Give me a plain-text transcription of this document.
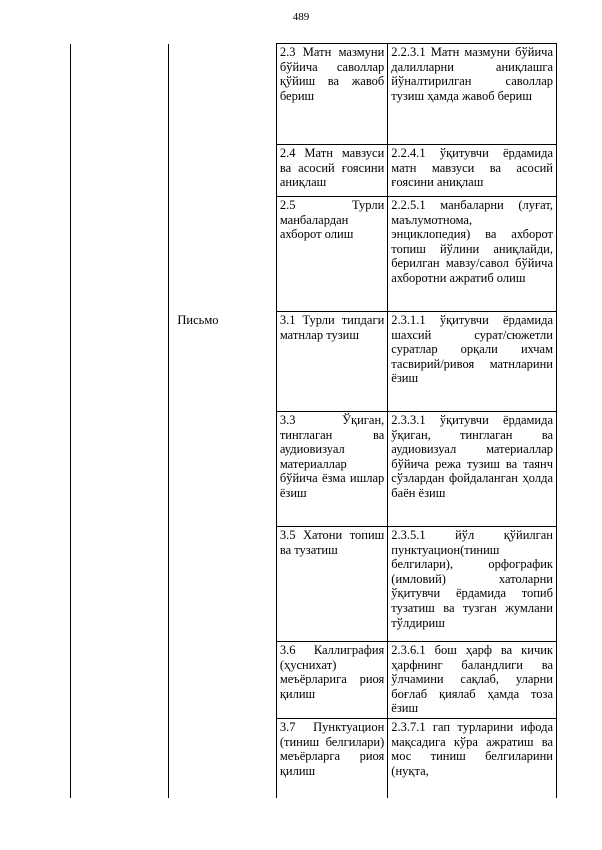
489
		2.3 Матн мазмуни бўйича саволлар қўйиш ва жавоб бериш	2.2.3.1 Матн мазмуни бўйича далилларни аниқлашга йўналтирилган саволлар тузиш ҳамда жавоб бериш
		2.4 Матн мавзуси ва асосий ғоясини аниқлаш	2.2.4.1 ўқитувчи ёрдамида матн мавзуси ва асосий ғоясини аниқлаш
		2.5 Турли манбалардан ахборот олиш	2.2.5.1 манбаларни (луғат, маълумотнома, энциклопедия) ва ахборот топиш йўлини аниқлайди, берилган мавзу/савол бўйича ахборотни ажратиб олиш
	Письмо	3.1 Турли типдаги матнлар тузиш	2.3.1.1 ўқитувчи ёрдамида шахсий сурат/сюжетли суратлар орқали ихчам тасвирий/ривоя матнларини ёзиш
		3.3 Ўқиган, тинглаган ва аудиовизуал материаллар бўйича ёзма ишлар ёзиш	2.3.3.1 ўқитувчи ёрдамида ўқиган, тинглаган ва аудиовизуал материаллар бўйича режа тузиш ва таянч сўзлардан фойдаланган ҳолда баён ёзиш
		3.5 Хатони топиш ва тузатиш	2.3.5.1 йўл қўйилган пунктуацион(тиниш белгилари), орфографик (имловий) хатоларни ўқитувчи ёрдамида топиб тузатиш ва тузган жумлани тўлдириш
		3.6 Каллиграфия (ҳуснихат) меъёрларига риоя қилиш	2.3.6.1 бош ҳарф ва кичик ҳарфнинг баландлиги ва ўлчамини сақлаб, уларни боғлаб қиялаб ҳамда тоза ёзиш
		3.7 Пунктуацион (тиниш белгилари) меъёрларга риоя қилиш	2.3.7.1 гап турларини ифода мақсадига кўра ажратиш ва мос тиниш белгиларини (нуқта,
